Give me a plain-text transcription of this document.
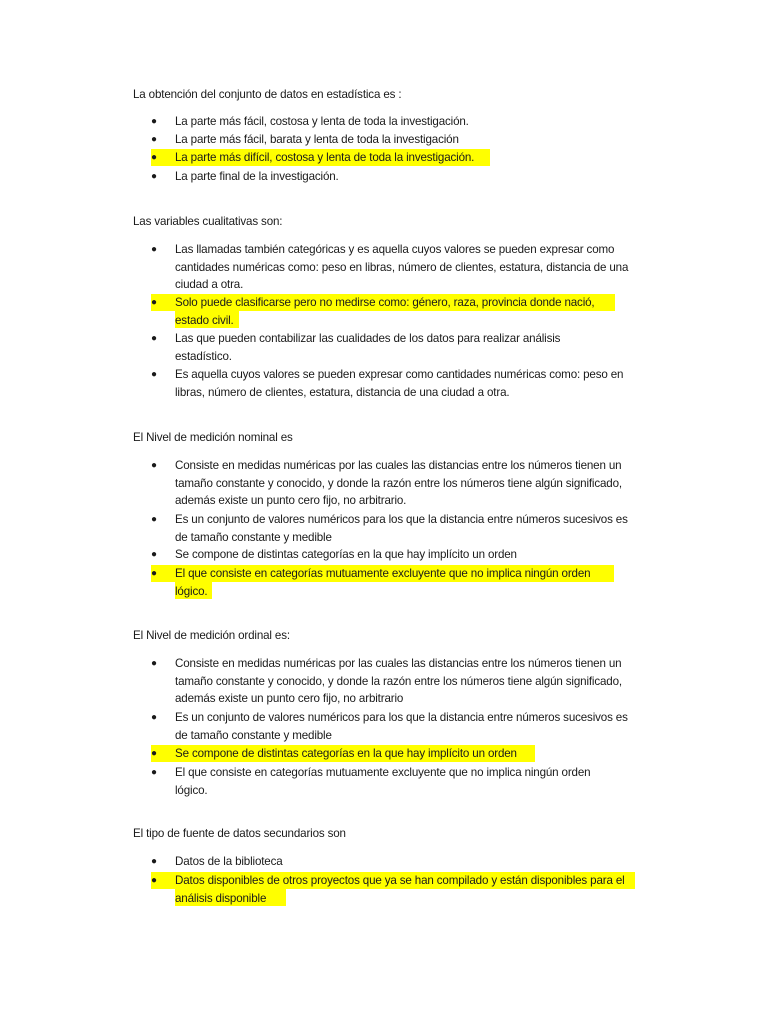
La obtención del conjunto de datos en estadística es :
● La parte más fácil, costosa y lenta de toda la investigación.
● La parte más fácil, barata y lenta de toda la investigación
● La parte más difícil, costosa y lenta de toda la investigación.
● La parte final de la investigación.
Las variables cualitativas son:
● Las llamadas también categóricas y es aquella cuyos valores se pueden expresar como cantidades numéricas como: peso en libras, número de clientes, estatura, distancia de una ciudad a otra.
● Solo puede clasificarse pero no medirse como: género, raza, provincia donde nació, estado civil.
● Las que pueden contabilizar las cualidades de los datos para realizar análisis estadístico.
● Es aquella cuyos valores se pueden expresar como cantidades numéricas como: peso en libras, número de clientes, estatura, distancia de una ciudad a otra.
El Nivel de medición nominal es
● Consiste en medidas numéricas por las cuales las distancias entre los números tienen un tamaño constante y conocido, y donde la razón entre los números tiene algún significado, además existe un punto cero fijo, no arbitrario.
● Es un conjunto de valores numéricos para los que la distancia entre números sucesivos es de tamaño constante y medible
● Se compone de distintas categorías en la que hay implícito un orden
● El que consiste en categorías mutuamente excluyente que no implica ningún orden lógico.
El Nivel de medición ordinal es:
● Consiste en medidas numéricas por las cuales las distancias entre los números tienen un tamaño constante y conocido, y donde la razón entre los números tiene algún significado, además existe un punto cero fijo, no arbitrario
● Es un conjunto de valores numéricos para los que la distancia entre números sucesivos es de tamaño constante y medible
● Se compone de distintas categorías en la que hay implícito un orden
● El que consiste en categorías mutuamente excluyente que no implica ningún orden lógico.
El tipo de fuente de datos secundarios son
● Datos de la biblioteca
● Datos disponibles de otros proyectos que ya se han compilado y están disponibles para el análisis disponible
